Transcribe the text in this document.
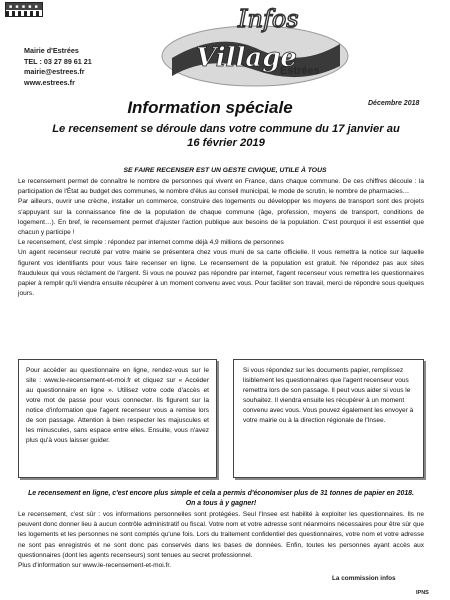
■ ■ ■ ■ ■
Mairie d'Estrées
TEL : 03 27 89 61 21
mairie@estrees.fr
www.estrees.fr
Infos
Village
Estrées
Décembre 2018
Information spéciale
Le recensement se déroule dans votre commune du 17 janvier au 16 février 2019
SE FAIRE RECENSER EST UN GESTE CIVIQUE, UTILE À TOUS

Le recensement permet de connaître le nombre de personnes qui vivent en France, dans chaque commune. De ces chiffres découle : la participation de l'État au budget des communes, le nombre d'élus au conseil municipal, le mode de scrutin, le nombre de pharmacies…

Par ailleurs, ouvrir une crèche, installer un commerce, construire des logements ou développer les moyens de transport sont des projets s'appuyant sur la connaissance fine de la population de chaque commune (âge, profession, moyens de transport, conditions de logement…). En bref, le recensement permet d'ajuster l'action publique aux besoins de la population. C'est pourquoi il est essentiel que chacun y participe !

Le recensement, c'est simple : répondez par internet comme déjà 4,9 millions de personnes

Un agent recenseur recruté par votre mairie se présentera chez vous muni de sa carte officielle. Il vous remettra la notice sur laquelle figurent vos identifiants pour vous faire recenser en ligne. Le recensement de la population est gratuit. Ne répondez pas aux sites frauduleux qui vous réclament de l'argent. Si vous ne pouvez pas répondre par internet, l'agent recenseur vous remettra les questionnaires papier à remplir qu'il viendra ensuite récupérer à un moment convenu avec vous. Pour faciliter son travail, merci de répondre sous quelques jours.

Pour accéder au questionnaire en ligne, rendez-vous sur le site : www.le-recensement-et-moi.fr et cliquez sur « Accéder au questionnaire en ligne ». Utilisez votre code d'accès et votre mot de passe pour vous connecter. Ils figurent sur la notice d'information que l'agent recenseur vous a remise lors de son passage. Attention à bien respecter les majuscules et les minuscules, sans espace entre elles. Ensuite, vous n'avez plus qu'à vous laisser guider.
Si vous répondez sur les documents papier, remplissez lisiblement les questionnaires que l'agent recenseur vous remettra lors de son passage. Il peut vous aider si vous le souhaitez. Il viendra ensuite les récupérer à un moment convenu avec vous. Vous pouvez également les envoyer à votre mairie ou à la direction régionale de l'Insee.
Le recensement en ligne, c'est encore plus simple et cela a permis d'économiser plus de 31 tonnes de papier en 2018.
On a tous à y gagner!

Le recensement, c'est sûr : vos informations personnelles sont protégées. Seul l'Insee est habilité à exploiter les questionnaires. Ils ne peuvent donc donner lieu à aucun contrôle administratif ou fiscal. Votre nom et votre adresse sont néanmoins nécessaires pour être sûr que les logements et les personnes ne sont comptés qu'une fois. Lors du traitement confidentiel des questionnaires, votre nom et votre adresse ne sont pas enregistrés et ne sont donc pas conservés dans les bases de données. Enfin, toutes les personnes ayant accès aux questionnaires (dont les agents recenseurs) sont tenues au secret professionnel.

Plus d'information sur www.le-recensement-et-moi.fr.

La commission infos
IPNS
